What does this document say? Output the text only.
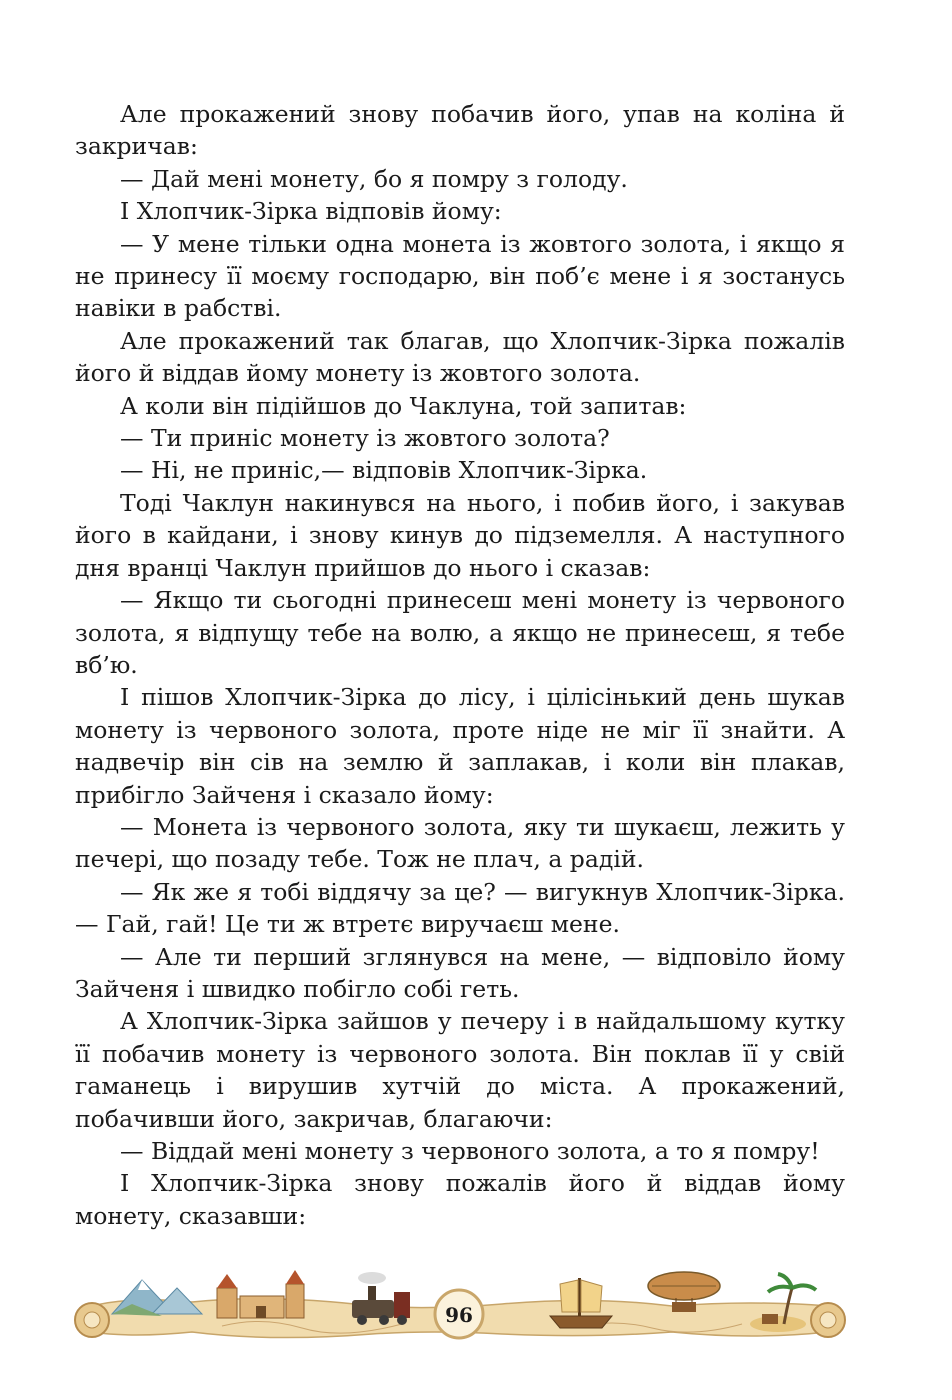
Але прокажений знову побачив його, упав на коліна й закричав:

— Дай мені монету, бо я помру з голоду.

І Хлопчик-Зірка відповів йому:

— У мене тільки одна монета із жовтого золота, і якщо я не принесу її моєму господарю, він поб’є мене і я зостанусь навіки в рабстві.

Але прокажений так благав, що Хлопчик-Зірка пожалів його й віддав йому монету із жовтого золота.

А коли він підійшов до Чаклуна, той запитав:

— Ти приніс монету із жовтого золота?

— Ні, не приніс,— відповів Хлопчик-Зірка.

Тоді Чаклун накинувся на нього, і побив його, і закував його в кайдани, і знову кинув до підземелля. А наступного дня вранці Чаклун прийшов до нього і сказав:

— Якщо ти сьогодні принесеш мені монету із червоного золота, я відпущу тебе на волю, а якщо не принесеш, я тебе вб’ю.

І пішов Хлопчик-Зірка до лісу, і цілісінький день шукав монету із червоного золота, проте ніде не міг її знайти. А надвечір він сів на землю й заплакав, і коли він плакав, прибігло Зайченя і сказало йому:

— Монета із червоного золота, яку ти шукаєш, лежить у печері, що позаду тебе. Тож не плач, а радій.

— Як же я тобі віддячу за це? — вигукнув Хлопчик-Зірка. — Гай, гай! Це ти ж втретє виручаєш мене.

— Але ти перший зглянувся на мене, — відповіло йому Зайченя і швидко побігло собі геть.

А Хлопчик-Зірка зайшов у печеру і в найдальшому кутку її побачив монету із червоного золота. Він поклав її у свій гаманець і вирушив хутчій до міста. А прокажений, побачивши його, закричав, благаючи:

— Віддай мені монету з червоного золота, а то я помру!

І Хлопчик-Зірка знову пожалів його й віддав йому монету, сказавши:

96
